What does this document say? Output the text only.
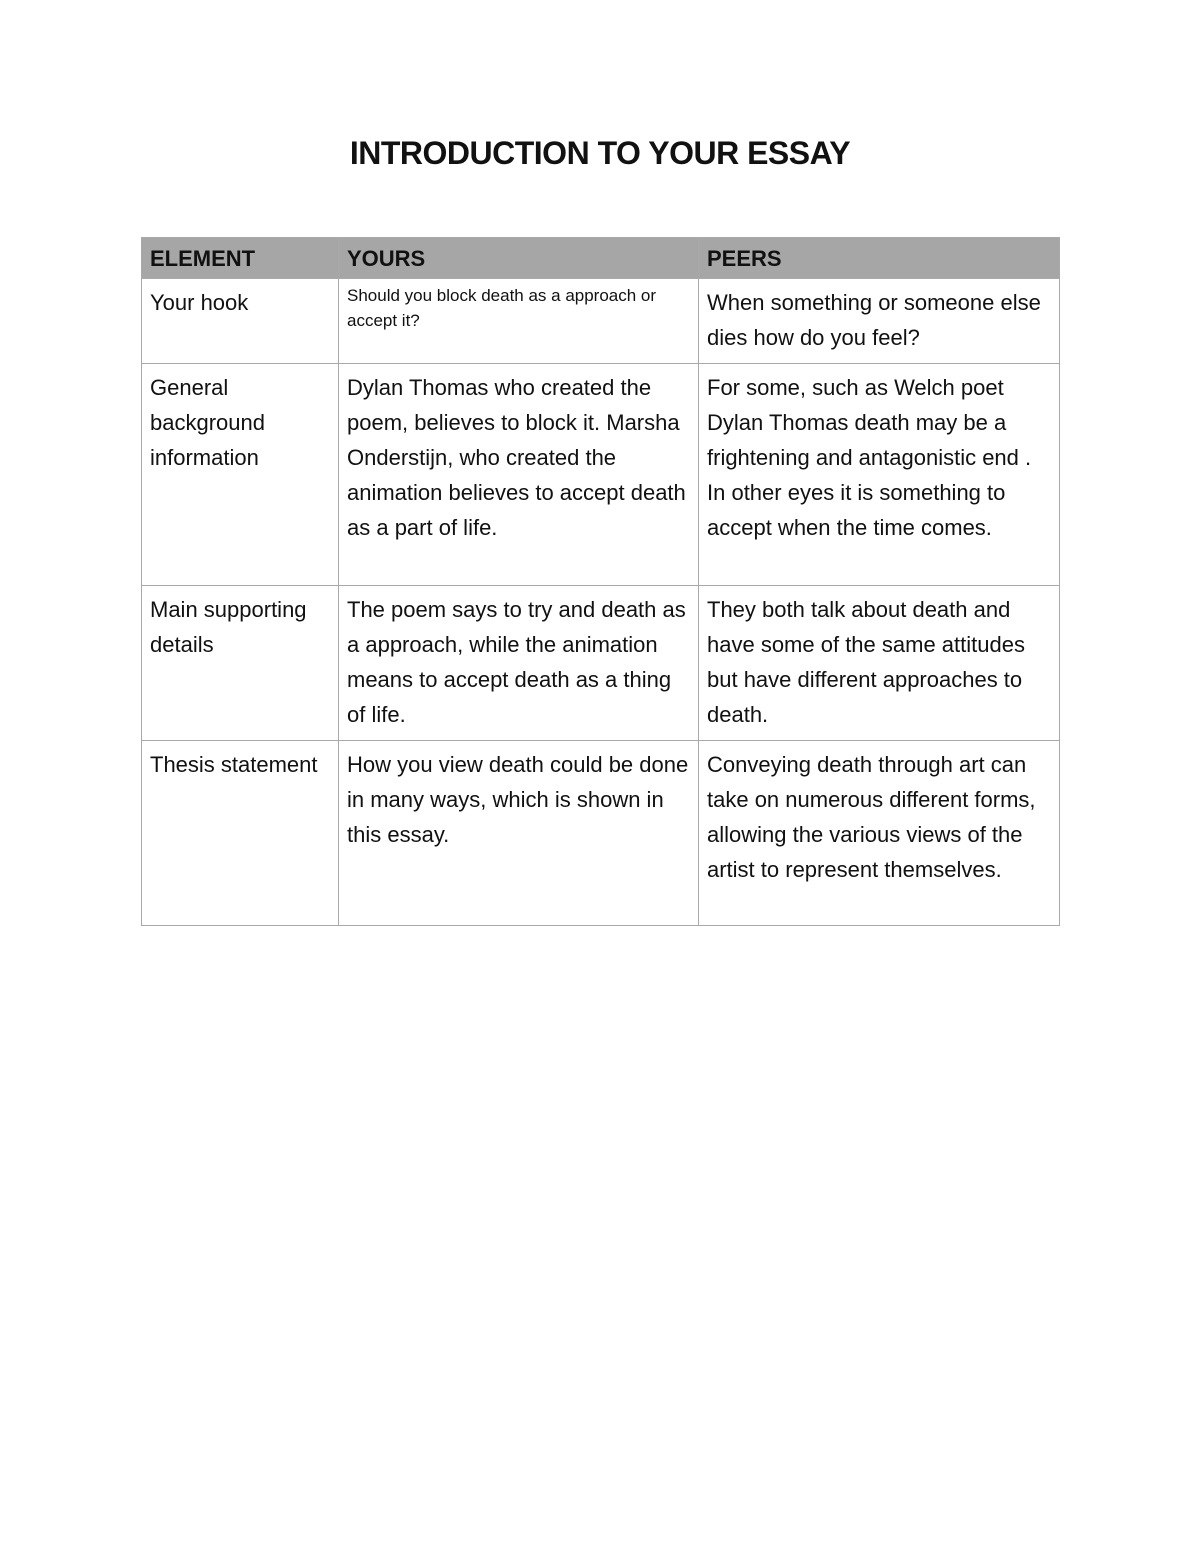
INTRODUCTION TO YOUR ESSAY
ELEMENT	YOURS	PEERS
Your hook	Should you block death as a approach or accept it?	When something or someone else dies how do you feel?
General background information	Dylan Thomas who created the poem, believes to block it. Marsha Onderstijn, who created the animation believes to accept death as a part of life.	For some, such as Welch poet Dylan Thomas death may be a frightening and antagonistic end . In other eyes it is something to accept when the time comes.
Main supporting details	The poem says to try and death as a approach, while the animation means to accept death as a thing of life.	They both talk about death and have some of the same attitudes but have different approaches to death.
Thesis statement	How you view death could be done in many ways, which is shown in this essay.	Conveying death through art can take on numerous different forms, allowing the various views of the artist to represent themselves.
